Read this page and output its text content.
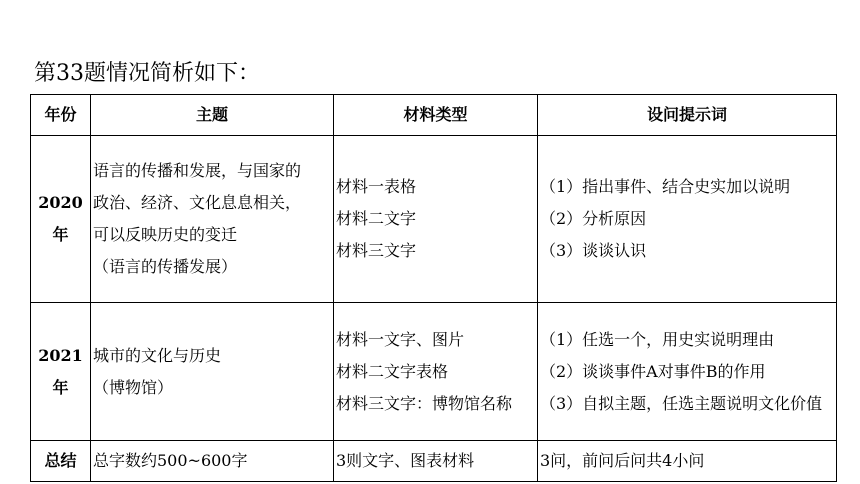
第33题情况简析如下：
年份	主题	材料类型	设问提示词
2020年	语言的传播和发展，与国家的
政治、经济、文化息息相关，
可以反映历史的变迁
（语言的传播发展）	材料一表格
材料二文字
材料三文字	（1）指出事件、结合史实加以说明
（2）分析原因
（3）谈谈认识

2021年	城市的文化与历史
（博物馆）	材料一文字、图片
材料二文字表格
材料三文字：博物馆名称	（1）任选一个，用史实说明理由
（2）谈谈事件A对事件B的作用
（3）自拟主题，任选主题说明文化价值

总结	总字数约500~600字	3则文字、图表材料	3问，前问后问共4小问
